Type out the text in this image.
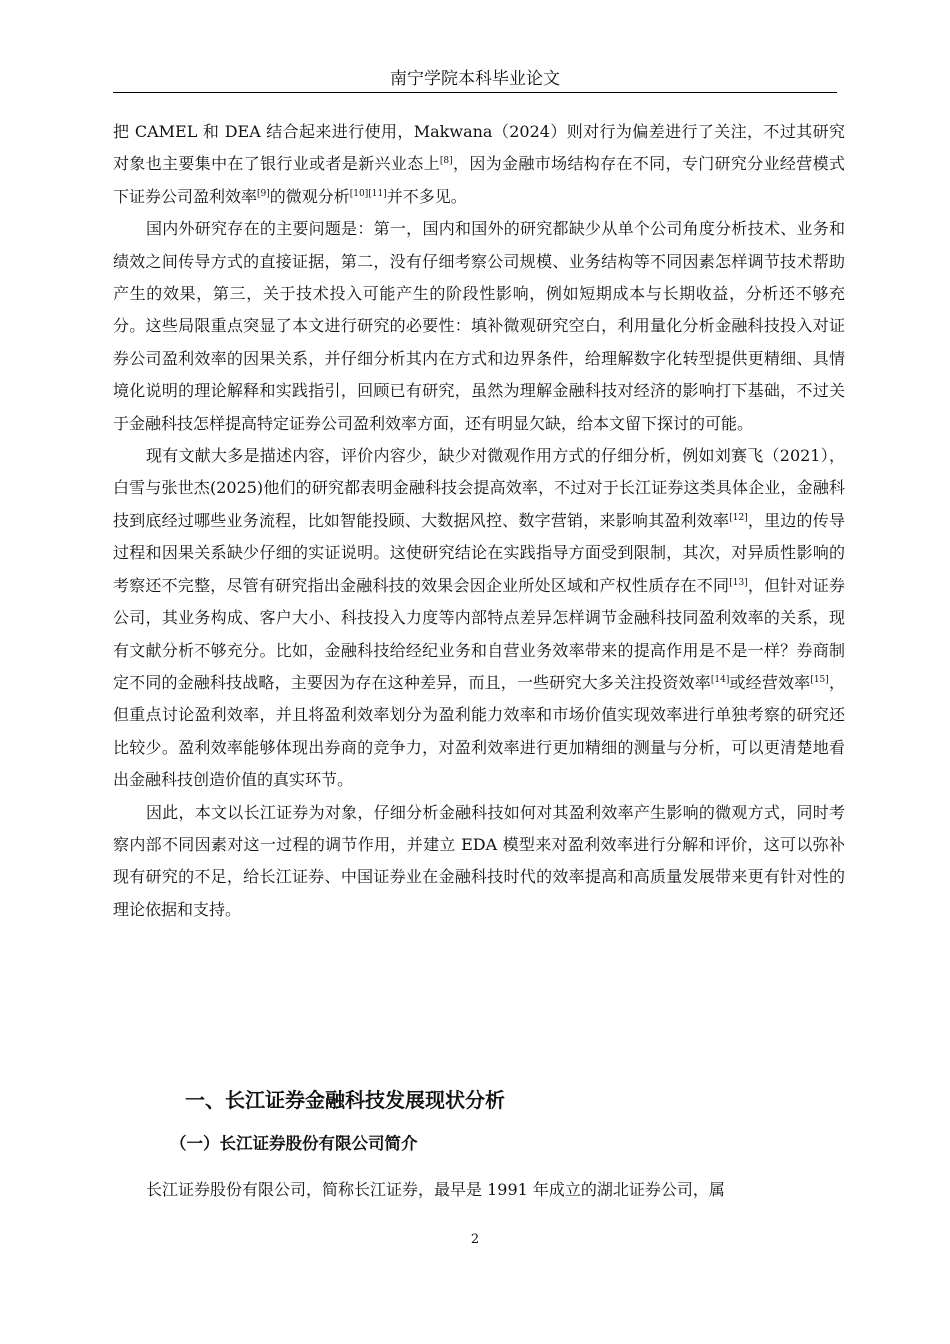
南宁学院本科毕业论文

把 CAMEL 和 DEA 结合起来进行使用，Makwana（2024）则对行为偏差进行了关注，不过其研究对象也主要集中在了银行业或者是新兴业态上[8]，因为金融市场结构存在不同，专门研究分业经营模式下证券公司盈利效率[9]的微观分析[10][11]并不多见。

国内外研究存在的主要问题是：第一，国内和国外的研究都缺少从单个公司角度分析技术、业务和绩效之间传导方式的直接证据，第二，没有仔细考察公司规模、业务结构等不同因素怎样调节技术帮助产生的效果，第三，关于技术投入可能产生的阶段性影响，例如短期成本与长期收益，分析还不够充分。这些局限重点突显了本文进行研究的必要性：填补微观研究空白，利用量化分析金融科技投入对证券公司盈利效率的因果关系，并仔细分析其内在方式和边界条件，给理解数字化转型提供更精细、具情境化说明的理论解释和实践指引，回顾已有研究，虽然为理解金融科技对经济的影响打下基础，不过关于金融科技怎样提高特定证券公司盈利效率方面，还有明显欠缺，给本文留下探讨的可能。

现有文献大多是描述内容，评价内容少，缺少对微观作用方式的仔细分析，例如刘赛飞（2021），白雪与张世杰(2025)他们的研究都表明金融科技会提高效率，不过对于长江证券这类具体企业，金融科技到底经过哪些业务流程，比如智能投顾、大数据风控、数字营销，来影响其盈利效率[12]，里边的传导过程和因果关系缺少仔细的实证说明。这使研究结论在实践指导方面受到限制，其次，对异质性影响的考察还不完整，尽管有研究指出金融科技的效果会因企业所处区域和产权性质存在不同[13]，但针对证券公司，其业务构成、客户大小、科技投入力度等内部特点差异怎样调节金融科技同盈利效率的关系，现有文献分析不够充分。比如，金融科技给经纪业务和自营业务效率带来的提高作用是不是一样？券商制定不同的金融科技战略，主要因为存在这种差异，而且，一些研究大多关注投资效率[14]或经营效率[15]，但重点讨论盈利效率，并且将盈利效率划分为盈利能力效率和市场价值实现效率进行单独考察的研究还比较少。盈利效率能够体现出券商的竞争力，对盈利效率进行更加精细的测量与分析，可以更清楚地看出金融科技创造价值的真实环节。

因此，本文以长江证券为对象，仔细分析金融科技如何对其盈利效率产生影响的微观方式，同时考察内部不同因素对这一过程的调节作用，并建立 EDA 模型来对盈利效率进行分解和评价，这可以弥补现有研究的不足，给长江证券、中国证券业在金融科技时代的效率提高和高质量发展带来更有针对性的理论依据和支持。

一、长江证券金融科技发展现状分析
（一）长江证券股份有限公司简介

长江证券股份有限公司，简称长江证券，最早是 1991 年成立的湖北证券公司，属

2
